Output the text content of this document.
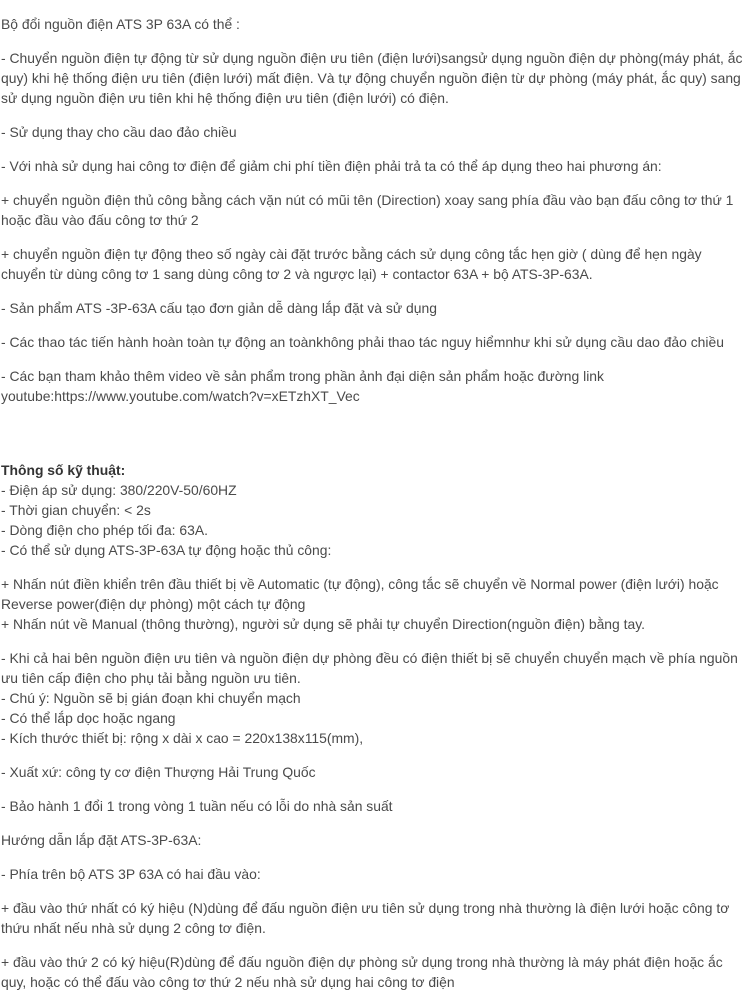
Bộ đổi nguồn điện ATS 3P 63A có thể :

- Chuyển nguồn điện tự động từ sử dụng nguồn điện ưu tiên (điện lưới)sangsử dụng nguồn điện dự phòng(máy phát, ắc quy) khi hệ thống điện ưu tiên (điện lưới) mất điện. Và tự động chuyển nguồn điện từ dự phòng (máy phát, ắc quy) sang sử dụng nguồn điện ưu tiên khi hệ thống điện ưu tiên (điện lưới) có điện.

- Sử dụng thay cho cầu dao đảo chiều

- Với nhà sử dụng hai công tơ điện để giảm chi phí tiền điện phải trả ta có thể áp dụng theo hai phương án:

+ chuyển nguồn điện thủ công bằng cách vặn nút có mũi tên (Direction) xoay sang phía đầu vào bạn đấu công tơ thứ 1 hoặc đầu vào đấu công tơ thứ 2

+ chuyển nguồn điện tự động theo số ngày cài đặt trước bằng cách sử dụng công tắc hẹn giờ ( dùng để hẹn ngày chuyển từ dùng công tơ 1 sang dùng công tơ 2 và ngược lại) + contactor 63A + bộ ATS-3P-63A.

- Sản phẩm ATS -3P-63A cấu tạo đơn giản dễ dàng lắp đặt và sử dụng

- Các thao tác tiến hành hoàn toàn tự động an toànkhông phải thao tác nguy hiểmnhư khi sử dụng cầu dao đảo chiều

- Các bạn tham khảo thêm video về sản phẩm trong phần ảnh đại diện sản phẩm hoặc đường link
youtube:https://www.youtube.com/watch?v=xETzhXT_Vec

Thông số kỹ thuật:
- Điện áp sử dụng: 380/220V-50/60HZ
- Thời gian chuyển: < 2s
- Dòng điện cho phép tối đa: 63A.
- Có thể sử dụng ATS-3P-63A tự động hoặc thủ công:
+ Nhấn nút điền khiển trên đầu thiết bị về Automatic (tự động), công tắc sẽ chuyển về Normal power (điện lưới) hoặc Reverse power(điện dự phòng) một cách tự động
+ Nhấn nút về Manual (thông thường), người sử dụng sẽ phải tự chuyển Direction(nguồn điện) bằng tay.
- Khi cả hai bên nguồn điện ưu tiên và nguồn điện dự phòng đều có điện thiết bị sẽ chuyển chuyển mạch về phía nguồn ưu tiên cấp điện cho phụ tải bằng nguồn ưu tiên.
- Chú ý: Nguồn sẽ bị gián đoạn khi chuyển mạch
- Có thể lắp dọc hoặc ngang
- Kích thước thiết bị: rộng x dài x cao = 220x138x115(mm),

- Xuất xứ: công ty cơ điện Thượng Hải Trung Quốc

- Bảo hành 1 đổi 1 trong vòng 1 tuần nếu có lỗi do nhà sản suất

Hướng dẫn lắp đặt ATS-3P-63A:

- Phía trên bộ ATS 3P 63A có hai đầu vào:

+ đầu vào thứ nhất có ký hiệu (N)dùng để đấu nguồn điện ưu tiên sử dụng trong nhà thường là điện lưới hoặc công tơ thứu nhất nếu nhà sử dụng 2 công tơ điện.

+ đầu vào thứ 2 có ký hiệu(R)dùng để đấu nguồn điện dự phòng sử dụng trong nhà thường là máy phát điện hoặc ắc quy, hoặc có thể đấu vào công tơ thứ 2 nếu nhà sử dụng hai công tơ điện
